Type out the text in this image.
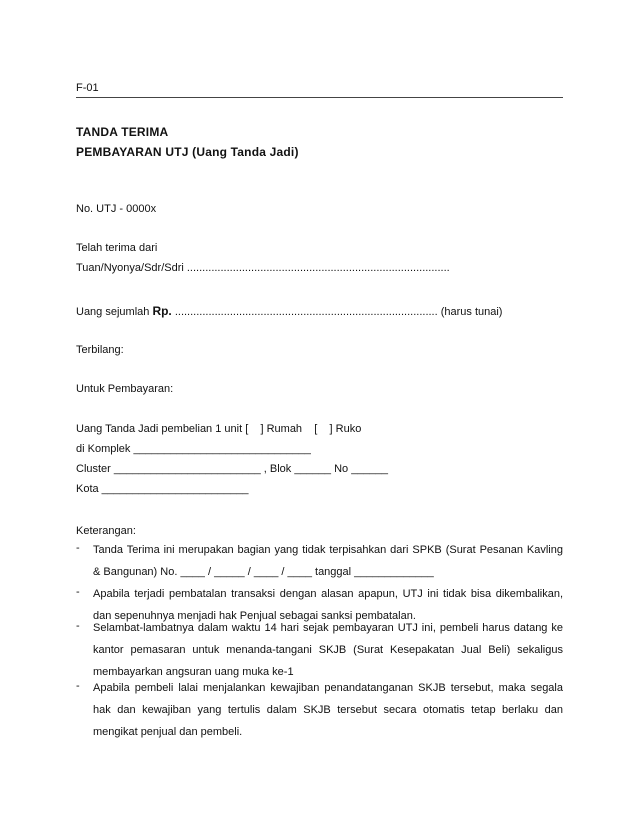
F-01
TANDA TERIMA
PEMBAYARAN UTJ (Uang Tanda Jadi)
No. UTJ - 0000x
Telah terima dari
Tuan/Nyonya/Sdr/Sdri ......................................................................................
Uang sejumlah Rp. ...................................................................................... (harus tunai)
Terbilang:
Untuk Pembayaran:
Uang Tanda Jadi pembelian 1 unit [    ] Rumah    [    ] Ruko
di Komplek _____________________________
Cluster ________________________ , Blok ______ No ______
Kota ________________________
Keterangan:
- Tanda Terima ini merupakan bagian yang tidak terpisahkan dari SPKB (Surat Pesanan Kavling & Bangunan) No. ____ / _____ / ____ / ____ tanggal _____________
- Apabila terjadi pembatalan transaksi dengan alasan apapun, UTJ ini tidak bisa dikembalikan, dan sepenuhnya menjadi hak Penjual sebagai sanksi pembatalan.
- Selambat-lambatnya dalam waktu 14 hari sejak pembayaran UTJ ini, pembeli harus datang ke kantor pemasaran untuk menanda-tangani SKJB (Surat Kesepakatan Jual Beli) sekaligus membayarkan angsuran uang muka ke-1
- Apabila pembeli lalai menjalankan kewajiban penandatanganan SKJB tersebut, maka segala hak dan kewajiban yang tertulis dalam SKJB tersebut secara otomatis tetap berlaku dan mengikat penjual dan pembeli.
